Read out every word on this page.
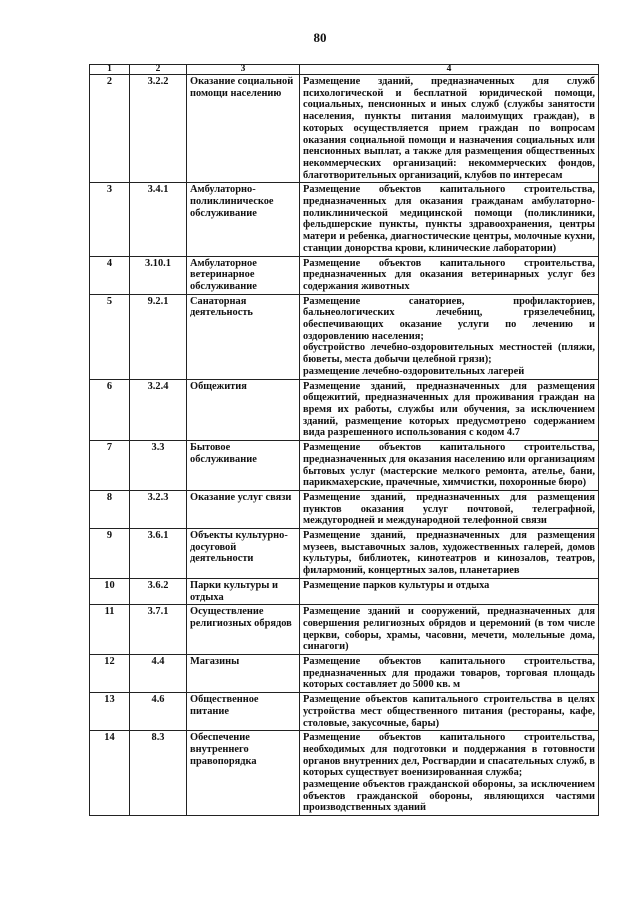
80
1	2	3	4
2	3.2.2	Оказание социальной помощи населению	Размещение зданий, предназначенных для служб психологической и бесплатной юридической помощи, социальных, пенсионных и иных служб (службы занятости населения, пункты питания малоимущих граждан), в которых осуществляется прием граждан по вопросам оказания социальной помощи и назначения социальных или пенсионных выплат, а также для размещения общественных некоммерческих организаций: некоммерческих фондов, благотворительных организаций, клубов по интересам

3	3.4.1	Амбулаторно-поликлиническое обслуживание	Размещение объектов капитального строительства, предназначенных для оказания гражданам амбулаторно-поликлинической медицинской помощи (поликлиники, фельдшерские пункты, пункты здравоохранения, центры матери и ребенка, диагностические центры, молочные кухни, станции донорства крови, клинические лаборатории)

4	3.10.1	Амбулаторное ветеринарное обслуживание	Размещение объектов капитального строительства, предназначенных для оказания ветеринарных услуг без содержания животных

5	9.2.1	Санаторная деятельность	Размещение санаториев, профилакториев, бальнеологических лечебниц, грязелечебниц, обеспечивающих оказание услуги по лечению и оздоровлению населения;
обустройство лечебно-оздоровительных местностей (пляжи, бюветы, места добычи целебной грязи);
размещение лечебно-оздоровительных лагерей

6	3.2.4	Общежития	Размещение зданий, предназначенных для размещения общежитий, предназначенных для проживания граждан на время их работы, службы или обучения, за исключением зданий, размещение которых предусмотрено содержанием вида разрешенного использования с кодом 4.7

7	3.3	Бытовое обслуживание	Размещение объектов капитального строительства, предназначенных для оказания населению или организациям бытовых услуг (мастерские мелкого ремонта, ателье, бани, парикмахерские, прачечные, химчистки, похоронные бюро)

8	3.2.3	Оказание услуг связи	Размещение зданий, предназначенных для размещения пунктов оказания услуг почтовой, телеграфной, междугородней и международной телефонной связи

9	3.6.1	Объекты культурно-досуговой деятельности	Размещение зданий, предназначенных для размещения музеев, выставочных залов, художественных галерей, домов культуры, библиотек, кинотеатров и кинозалов, театров, филармоний, концертных залов, планетариев

10	3.6.2	Парки культуры и отдыха	Размещение парков культуры и отдыха

11	3.7.1	Осуществление религиозных обрядов	Размещение зданий и сооружений, предназначенных для совершения религиозных обрядов и церемоний (в том числе церкви, соборы, храмы, часовни, мечети, молельные дома, синагоги)

12	4.4	Магазины	Размещение объектов капитального строительства, предназначенных для продажи товаров, торговая площадь которых составляет до 5000 кв. м

13	4.6	Общественное питание	Размещение объектов капитального строительства в целях устройства мест общественного питания (рестораны, кафе, столовые, закусочные, бары)

14	8.3	Обеспечение внутреннего правопорядка	Размещение объектов капитального строительства, необходимых для подготовки и поддержания в готовности органов внутренних дел, Росгвардии и спасательных служб, в которых существует военизированная служба;
размещение объектов гражданской обороны, за исключением объектов гражданской обороны, являющихся частями производственных зданий
